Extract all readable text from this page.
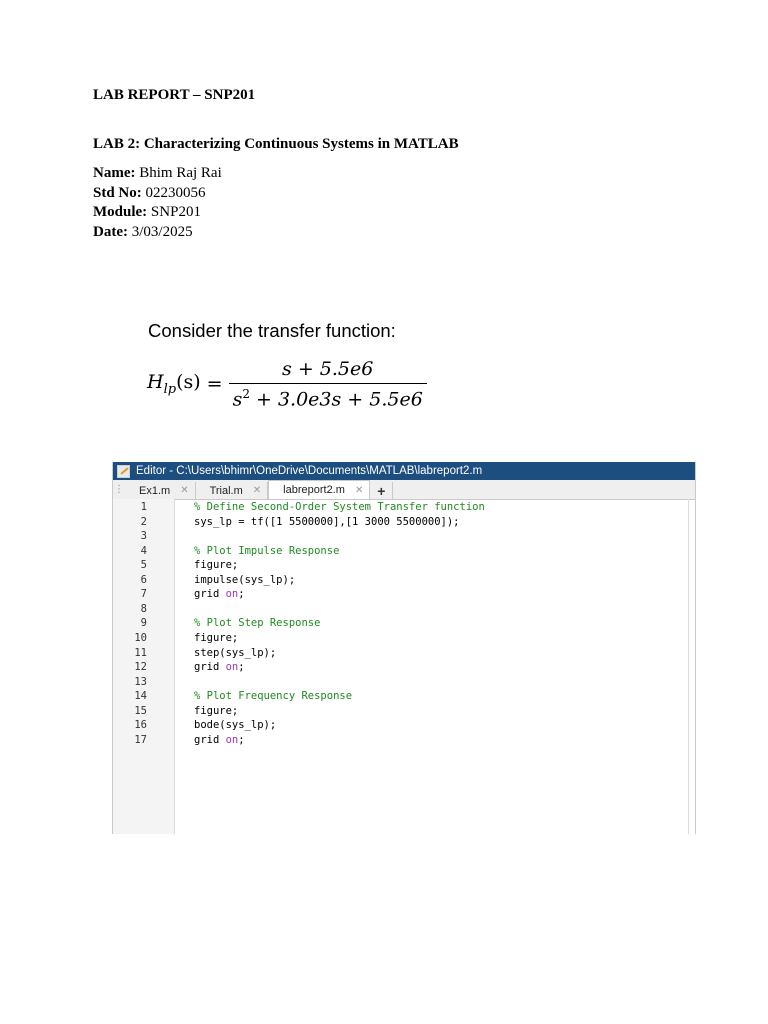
LAB REPORT – SNP201
LAB 2: Characterizing Continuous Systems in MATLAB
Name: Bhim Raj Rai
Std No: 02230056
Module: SNP201
Date: 3/03/2025
Consider the transfer function:
$H_{lp}(s) = \frac{s + 5.5e6}{s^2 + 3.0e3s + 5.5e6}$
Editor - C:\Users\bhimr\OneDrive\Documents\MATLAB\labreport2.m
⋮ Ex1.m ✕ Trial.m ✕ labreport2.m ✕ +
1
2
3
4
5
6
7
8
9
10
11
12
13
14
15
16
17
% Define Second-Order System Transfer function
sys_lp = tf([1 5500000],[1 3000 5500000]);
% Plot Impulse Response
figure;
impulse(sys_lp);
grid on;
% Plot Step Response
figure;
step(sys_lp);
grid on;
% Plot Frequency Response
figure;
bode(sys_lp);
grid on;
